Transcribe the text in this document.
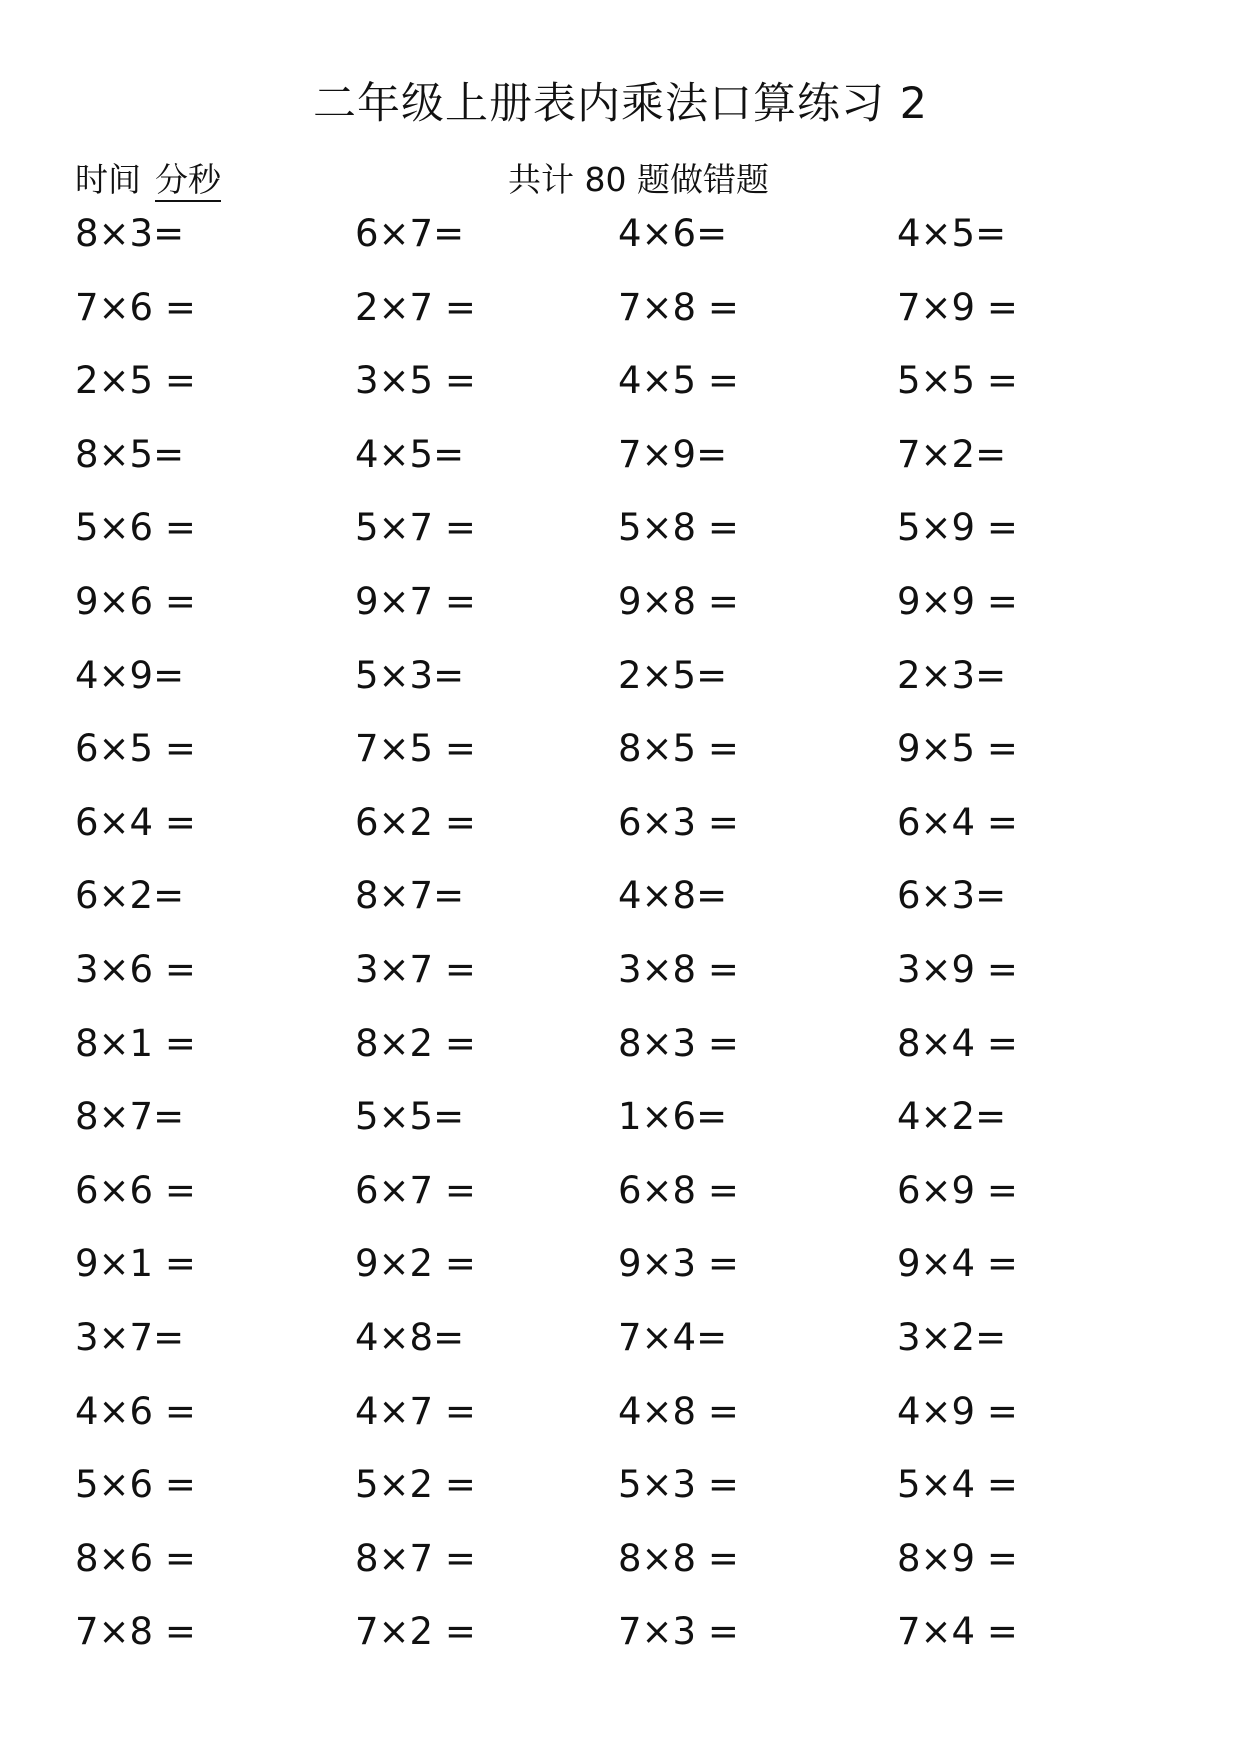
二年级上册表内乘法口算练习 2
时间 分秒	共计 80 题做错题
8×3=	6×7=	4×6=	4×5=
7×6 =	2×7 =	7×8 =	7×9 =
2×5 =	3×5 =	4×5 =	5×5 =
8×5=	4×5=	7×9=	7×2=
5×6 =	5×7 =	5×8 =	5×9 =
9×6 =	9×7 =	9×8 =	9×9 =
4×9=	5×3=	2×5=	2×3=
6×5 =	7×5 =	8×5 =	9×5 =
6×4 =	6×2 =	6×3 =	6×4 =
6×2=	8×7=	4×8=	6×3=
3×6 =	3×7 =	3×8 =	3×9 =
8×1 =	8×2 =	8×3 =	8×4 =
8×7=	5×5=	1×6=	4×2=
6×6 =	6×7 =	6×8 =	6×9 =
9×1 =	9×2 =	9×3 =	9×4 =
3×7=	4×8=	7×4=	3×2=
4×6 =	4×7 =	4×8 =	4×9 =
5×6 =	5×2 =	5×3 =	5×4 =
8×6 =	8×7 =	8×8 =	8×9 =
7×8 =	7×2 =	7×3 =	7×4 =
